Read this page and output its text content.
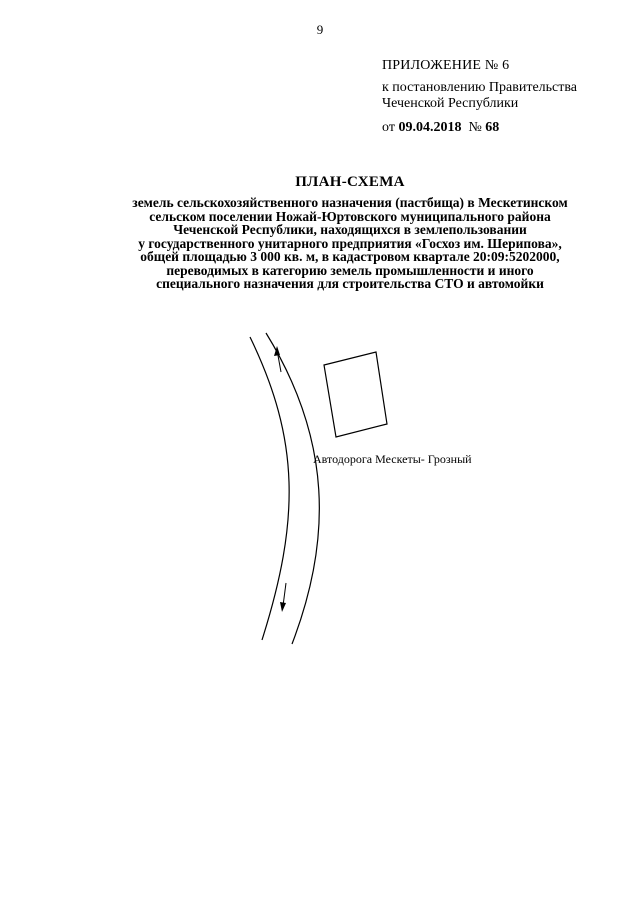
9
ПРИЛОЖЕНИЕ № 6
к постановлению Правительства
Чеченской Республики
от 09.04.2018  № 68
ПЛАН-СХЕМА
земель сельскохозяйственного назначения (пастбища) в Мескетинском
сельском поселении Ножай-Юртовского муниципального района
Чеченской Республики, находящихся в землепользовании
у государственного унитарного предприятия «Госхоз им. Шерипова»,
общей площадью 3 000 кв. м, в кадастровом квартале 20:09:5202000,
переводимых в категорию земель промышленности и иного
специального назначения для строительства СТО и автомойки
Автодорога Мескеты- Грозный
